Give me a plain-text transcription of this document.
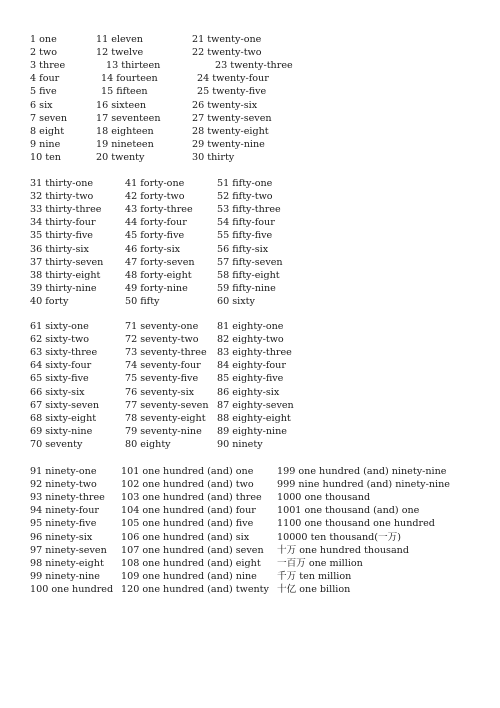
1 one	11 eleven	21 twenty-one
2 two	12 twelve	22 twenty-two
3 three	13 thirteen	23 twenty-three
4 four	14 fourteen	24 twenty-four
5 five	15 fifteen	25 twenty-five
6 six	16 sixteen	26 twenty-six
7 seven	17 seventeen	27 twenty-seven
8 eight	18 eighteen	28 twenty-eight
9 nine	19 nineteen	29 twenty-nine
10 ten	20 twenty	30 thirty
31 thirty-one	41 forty-one	51 fifty-one
32 thirty-two	42 forty-two	52 fifty-two
33 thirty-three 43 forty-three	53 fifty-three
34 thirty-four	44 forty-four	54 fifty-four
35 thirty-five	45 forty-five	55 fifty-five
36 thirty-six	46 forty-six	56 fifty-six
37 thirty-seven 47 forty-seven 57 fifty-seven
38 thirty-eight	48 forty-eight	58 fifty-eight
39 thirty-nine	49 forty-nine	59 fifty-nine
40 forty	50 fifty	60 sixty
61 sixty-one	71 seventy-one 81 eighty-one
62 sixty-two	72 seventy-two 82 eighty-two
63 sixty-three	73 seventy-three 83 eighty-three
64 sixty-four	74 seventy-four 84 eighty-four
65 sixty-five	75 seventy-five 85 eighty-five
66 sixty-six	76 seventy-six 86 eighty-six
67 sixty-seven	77 seventy-seven 87 eighty-seven
68 sixty-eight	78 seventy-eight 88 eighty-eight
69 sixty-nine	79 seventy-nine 89 eighty-nine
70 seventy	80 eighty	90 ninety
91 ninety-one	101 one hundred (and) one 199 one hundred (and) ninety-nine
92 ninety-two	102 one hundred (and) two 999 nine hundred (and) ninety-nine
93 ninety-three 103 one hundred (and) three 1000 one thousand
94 ninety-four 104 one hundred (and) four 1001 one thousand (and) one
95 ninety-five	105 one hundred (and) five 1100 one thousand one hundred
96 ninety-six	106 one hundred (and) six	10000 ten thousand(一万)
97 ninety-seven 107 one hundred (and) seven 十万 one hundred thousand
98 ninety-eight 108 one hundred (and) eight 一百万 one million
99 ninety-nine 109 one hundred (and) nine 千万 ten million
100 one hundred 120 one hundred (and) twenty 十亿 one billion
